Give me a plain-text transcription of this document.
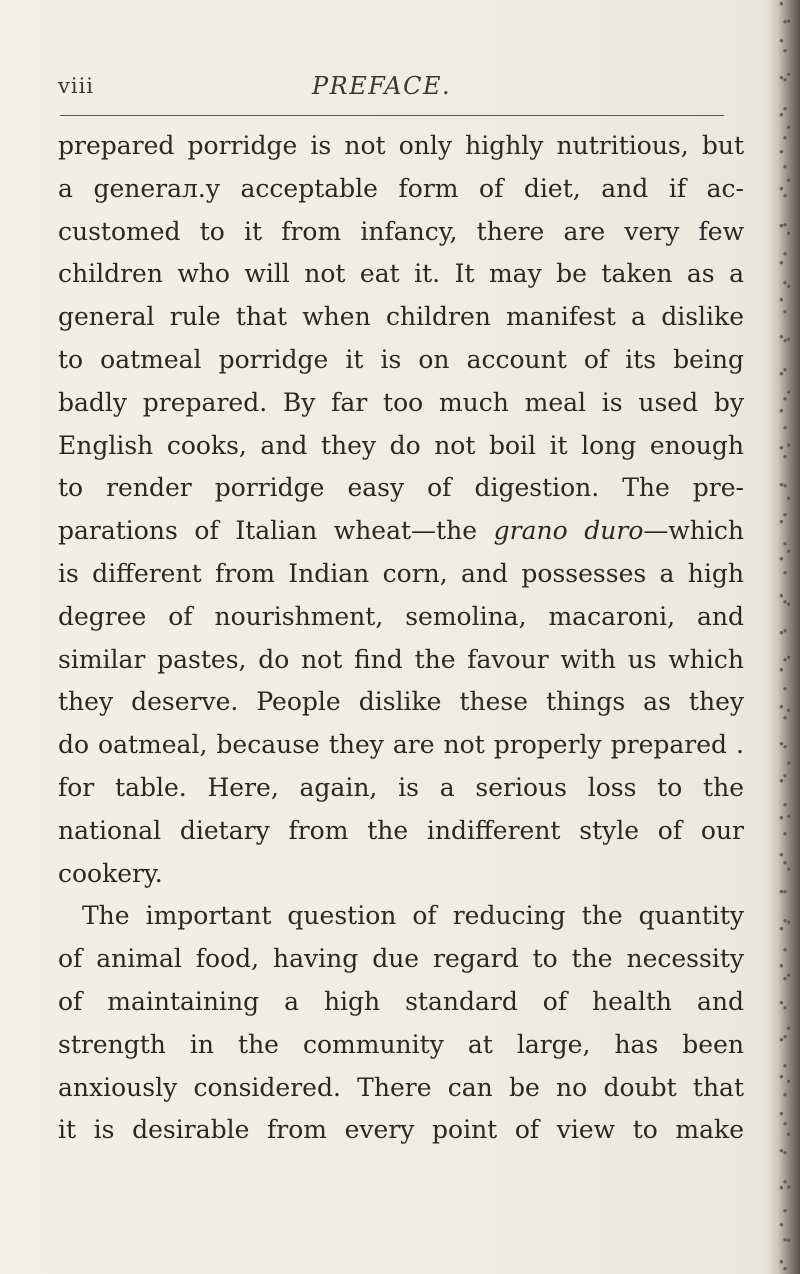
viii	PREFACE.
prepared porridge is not only highly nutritious, but
a generaл.y acceptable form of diet, and if ac-
customed to it from infancy, there are very few
children who will not eat it. It may be taken as a
general rule that when children manifest a dislike
to oatmeal porridge it is on account of its being
badly prepared. By far too much meal is used by
English cooks, and they do not boil it long enough
to render porridge easy of digestion. The pre-
parations of Italian wheat—the grano duro—which
is different from Indian corn, and possesses a high
degree of nourishment, semolina, macaroni, and
similar pastes, do not find the favour with us which
they deserve. People dislike these things as they
do oatmeal, because they are not properly prepared .
for table. Here, again, is a serious loss to the
national dietary from the indifferent style of our
cookery.
The important question of reducing the quantity
of animal food, having due regard to the necessity
of maintaining a high standard of health and
strength in the community at large, has been
anxiously considered. There can be no doubt that
it is desirable from every point of view to make
